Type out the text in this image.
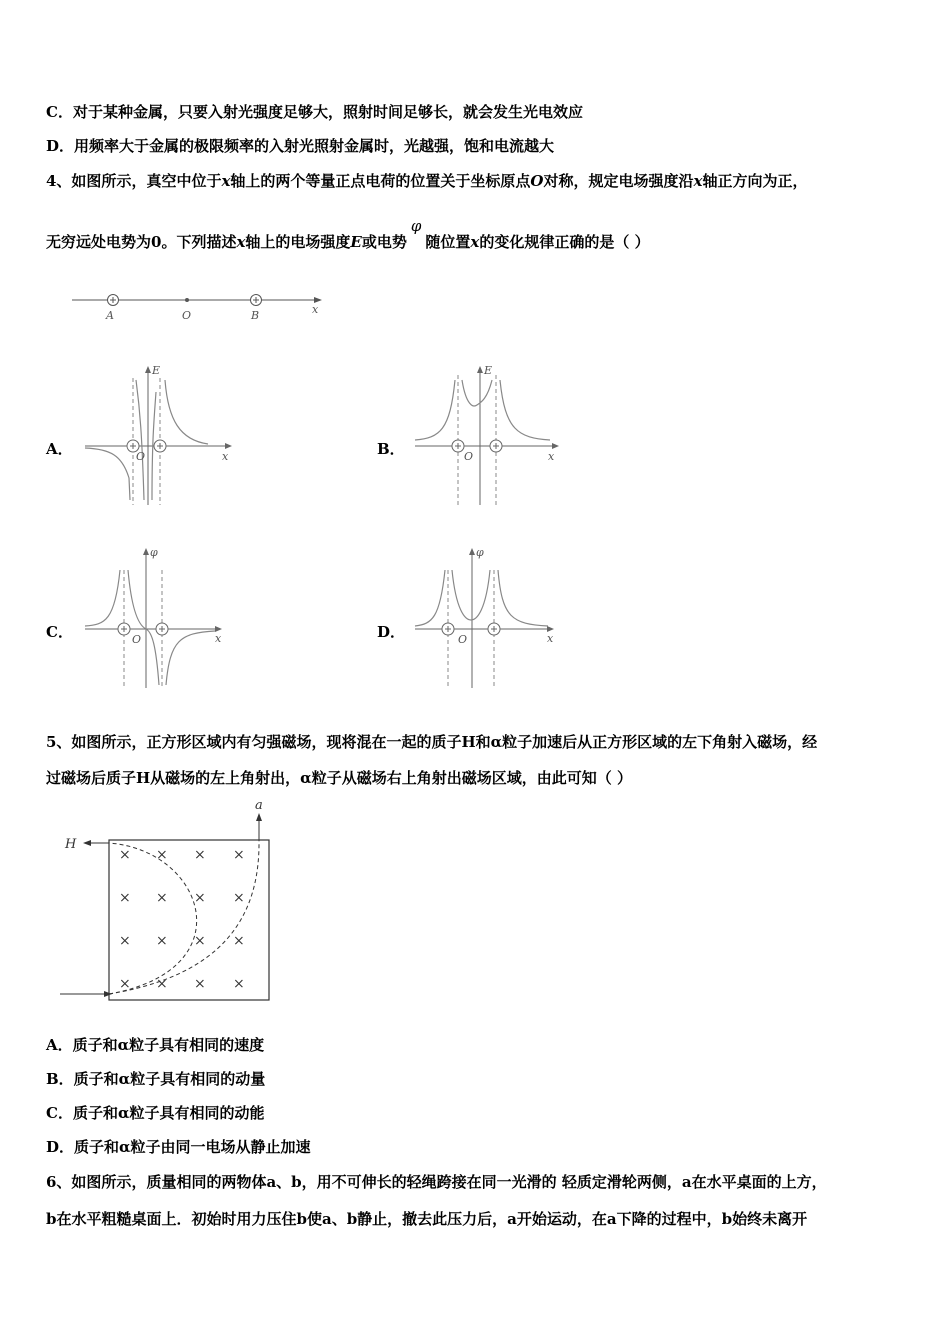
C．对于某种金属，只要入射光强度足够大，照射时间足够长，就会发生光电效应
D．用频率大于金属的极限频率的入射光照射金属时，光越强，饱和电流越大
4、如图所示，真空中位于x轴上的两个等量正点电荷的位置关于坐标原点O对称，规定电场强度沿x轴正方向为正，
无穷远处电势为0。下列描述x轴上的电场强度E或电势φ随位置x的变化规律正确的是（ ）
A	O	B	x
A．
E
O	x	B．
E
O	x
C．
φ
O	x	D．
φ
O	x
5、如图所示，正方形区域内有匀强磁场，现将混在一起的质子H和α粒子加速后从正方形区域的左下角射入磁场，经
过磁场后质子H从磁场的左上角射出，α粒子从磁场右上角射出磁场区域，由此可知（ ）
× × × ×
× × × ×
× × × ×
× × × ×
a
H
A．质子和α粒子具有相同的速度
B．质子和α粒子具有相同的动量
C．质子和α粒子具有相同的动能
D．质子和α粒子由同一电场从静止加速
6、如图所示，质量相同的两物体a、b，用不可伸长的轻绳跨接在同一光滑的 轻质定滑轮两侧，a在水平桌面的上方，
b在水平粗糙桌面上．初始时用力压住b使a、b静止，撤去此压力后，a开始运动，在a下降的过程中，b始终未离开
